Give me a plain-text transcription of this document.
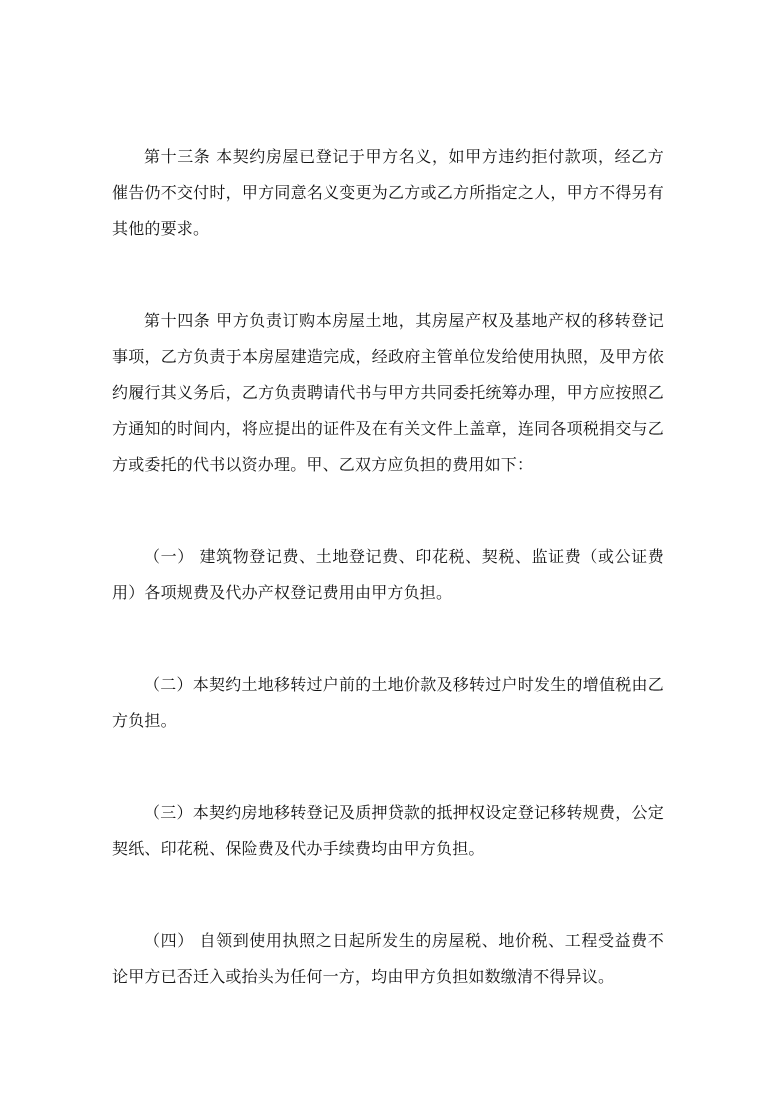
第十三条 本契约房屋已登记于甲方名义，如甲方违约拒付款项，经乙方催告仍不交付时，甲方同意名义变更为乙方或乙方所指定之人，甲方不得另有其他的要求。

第十四条 甲方负责订购本房屋土地，其房屋产权及基地产权的移转登记事项，乙方负责于本房屋建造完成，经政府主管单位发给使用执照，及甲方依约履行其义务后，乙方负责聘请代书与甲方共同委托统筹办理，甲方应按照乙方通知的时间内，将应提出的证件及在有关文件上盖章，连同各项税捐交与乙方或委托的代书以资办理。甲、乙双方应负担的费用如下：

（一） 建筑物登记费、土地登记费、印花税、契税、监证费（或公证费用）各项规费及代办产权登记费用由甲方负担。

（二）本契约土地移转过户前的土地价款及移转过户时发生的增值税由乙方负担。

（三）本契约房地移转登记及质押贷款的抵押权设定登记移转规费，公定契纸、印花税、保险费及代办手续费均由甲方负担。

（四） 自领到使用执照之日起所发生的房屋税、地价税、工程受益费不论甲方已否迁入或抬头为任何一方，均由甲方负担如数缴清不得异议。
